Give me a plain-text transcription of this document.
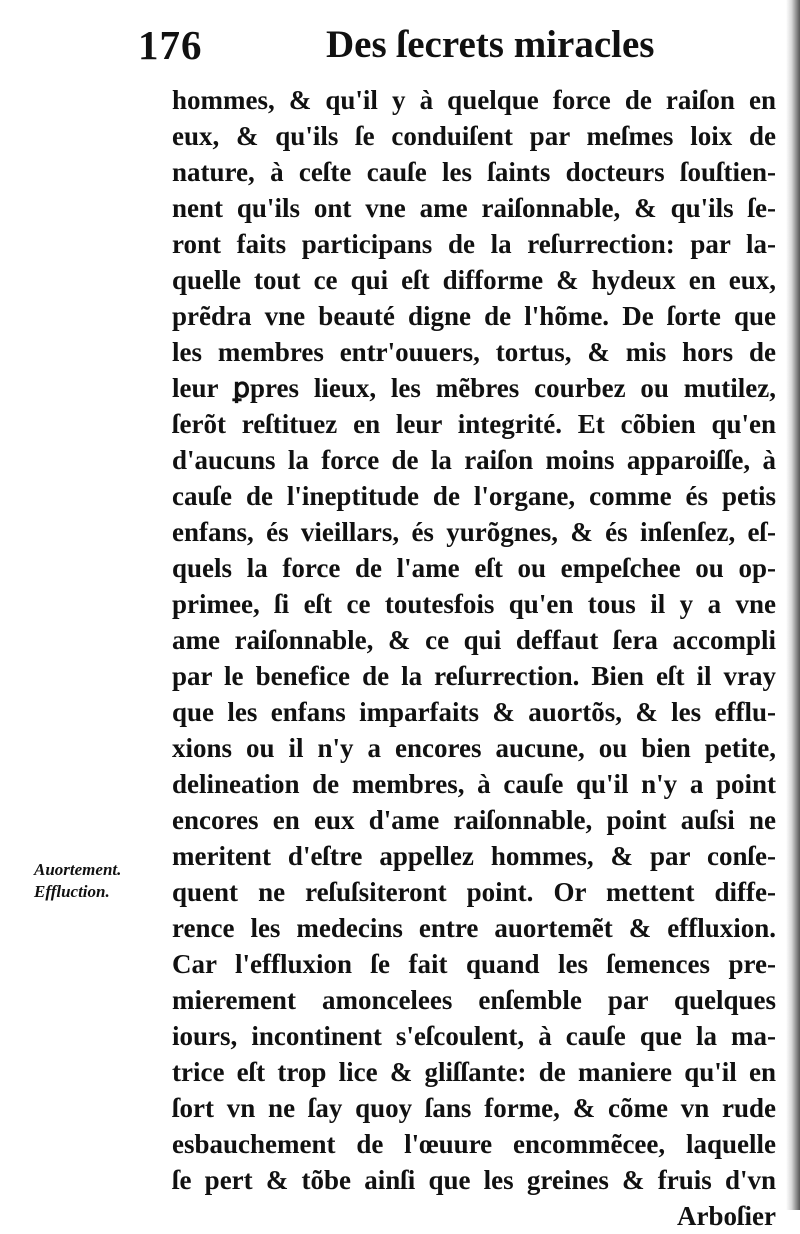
176	Des ſecrets miracles
Auortement.
Effluction.
hommes, & qu'il y à quelque force de raiſon en
eux, & qu'ils ſe conduiſent par meſmes loix de
nature, à ceſte cauſe les ſaints docteurs ſouſtien-
nent qu'ils ont vne ame raiſonnable, & qu'ils ſe-
ront faits participans de la reſurrection: par la-
quelle tout ce qui eſt difforme & hydeux en eux,
prẽdra vne beauté digne de l'hõme. De ſorte que
les membres entr'ouuers, tortus, & mis hors de
leur ꝑpres lieux, les mẽbres courbez ou mutilez,
ſerõt reſtituez en leur integrité. Et cõbien qu'en
d'aucuns la force de la raiſon moins apparoiſſe, à
cauſe de l'ineptitude de l'organe, comme és petis
enfans, és vieillars, és yurõgnes, & és inſenſez, eſ-
quels la force de l'ame eſt ou empeſchee ou op-
primee, ſi eſt ce toutesfois qu'en tous il y a vne
ame raiſonnable, & ce qui deffaut ſera accompli
par le benefice de la reſurrection. Bien eſt il vray
que les enfans imparfaits & auortõs, & les efflu-
xions ou il n'y a encores aucune, ou bien petite,
delineation de membres, à cauſe qu'il n'y a point
encores en eux d'ame raiſonnable, point auſsi ne
meritent d'eſtre appellez hommes, & par conſe-
quent ne reſuſsiteront point. Or mettent diffe-
rence les medecins entre auortemẽt & effluxion.
Car l'effluxion ſe fait quand les ſemences pre-
mierement amoncelees enſemble par quelques
iours, incontinent s'eſcoulent, à cauſe que la ma-
trice eſt trop lice & gliſſante: de maniere qu'il en
ſort vn ne ſay quoy ſans forme, & cõme vn rude
esbauchement de l'œuure encommẽcee, laquelle
ſe pert & tõbe ainſi que les greines & fruis d'vn
Arboſier
